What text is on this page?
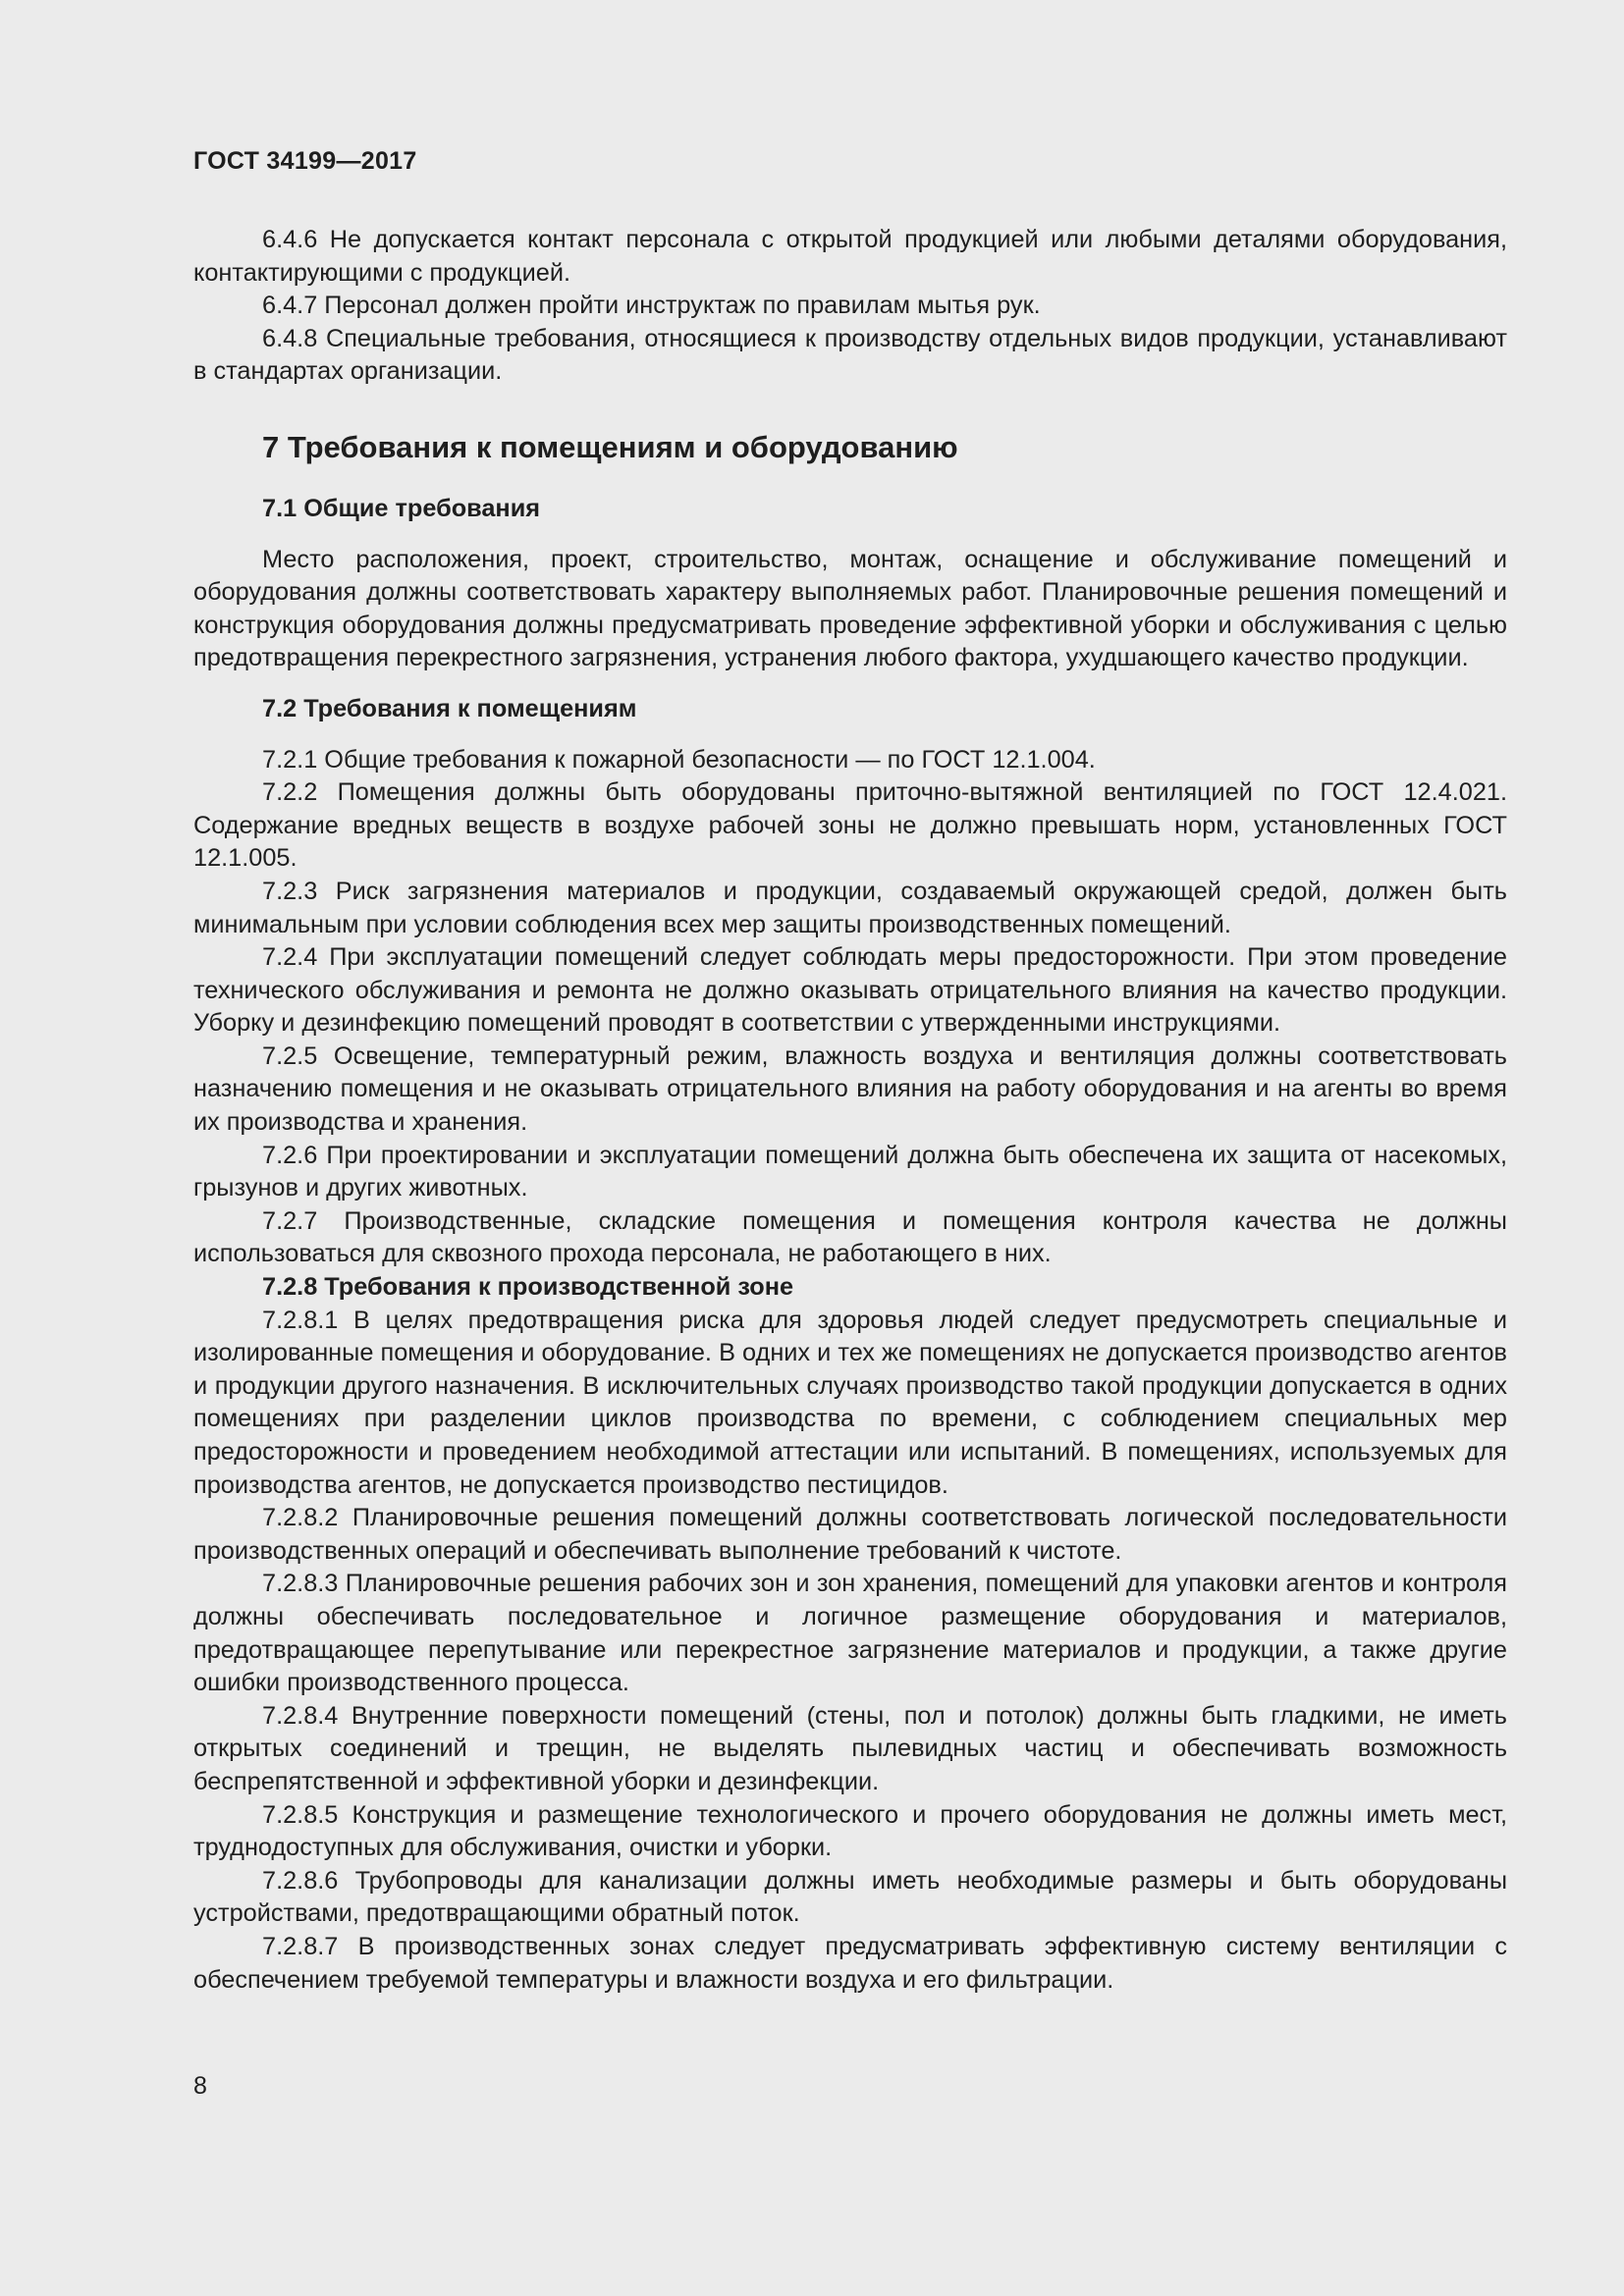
ГОСТ 34199—2017

6.4.6 Не допускается контакт персонала с открытой продукцией или любыми деталями оборудования, контактирующими с продукцией.

6.4.7 Персонал должен пройти инструктаж по правилам мытья рук.

6.4.8 Специальные требования, относящиеся к производству отдельных видов продукции, устанавливают в стандартах организации.

7 Требования к помещениям и оборудованию
7.1 Общие требования

Место расположения, проект, строительство, монтаж, оснащение и обслуживание помещений и оборудования должны соответствовать характеру выполняемых работ. Планировочные решения помещений и конструкция оборудования должны предусматривать проведение эффективной уборки и обслуживания с целью предотвращения перекрестного загрязнения, устранения любого фактора, ухудшающего качество продукции.

7.2 Требования к помещениям

7.2.1 Общие требования к пожарной безопасности — по ГОСТ 12.1.004.

7.2.2 Помещения должны быть оборудованы приточно-вытяжной вентиляцией по ГОСТ 12.4.021. Содержание вредных веществ в воздухе рабочей зоны не должно превышать норм, установленных ГОСТ 12.1.005.

7.2.3 Риск загрязнения материалов и продукции, создаваемый окружающей средой, должен быть минимальным при условии соблюдения всех мер защиты производственных помещений.

7.2.4 При эксплуатации помещений следует соблюдать меры предосторожности. При этом проведение технического обслуживания и ремонта не должно оказывать отрицательного влияния на качество продукции. Уборку и дезинфекцию помещений проводят в соответствии с утвержденными инструкциями.

7.2.5 Освещение, температурный режим, влажность воздуха и вентиляция должны соответствовать назначению помещения и не оказывать отрицательного влияния на работу оборудования и на агенты во время их производства и хранения.

7.2.6 При проектировании и эксплуатации помещений должна быть обеспечена их защита от насекомых, грызунов и других животных.

7.2.7 Производственные, складские помещения и помещения контроля качества не должны использоваться для сквозного прохода персонала, не работающего в них.

7.2.8 Требования к производственной зоне

7.2.8.1 В целях предотвращения риска для здоровья людей следует предусмотреть специальные и изолированные помещения и оборудование. В одних и тех же помещениях не допускается производство агентов и продукции другого назначения. В исключительных случаях производство такой продукции допускается в одних помещениях при разделении циклов производства по времени, с соблюдением специальных мер предосторожности и проведением необходимой аттестации или испытаний. В помещениях, используемых для производства агентов, не допускается производство пестицидов.

7.2.8.2 Планировочные решения помещений должны соответствовать логической последовательности производственных операций и обеспечивать выполнение требований к чистоте.

7.2.8.3 Планировочные решения рабочих зон и зон хранения, помещений для упаковки агентов и контроля должны обеспечивать последовательное и логичное размещение оборудования и материалов, предотвращающее перепутывание или перекрестное загрязнение материалов и продукции, а также другие ошибки производственного процесса.

7.2.8.4 Внутренние поверхности помещений (стены, пол и потолок) должны быть гладкими, не иметь открытых соединений и трещин, не выделять пылевидных частиц и обеспечивать возможность беспрепятственной и эффективной уборки и дезинфекции.

7.2.8.5 Конструкция и размещение технологического и прочего оборудования не должны иметь мест, труднодоступных для обслуживания, очистки и уборки.

7.2.8.6 Трубопроводы для канализации должны иметь необходимые размеры и быть оборудованы устройствами, предотвращающими обратный поток.

7.2.8.7 В производственных зонах следует предусматривать эффективную систему вентиляции с обеспечением требуемой температуры и влажности воздуха и его фильтрации.

8
